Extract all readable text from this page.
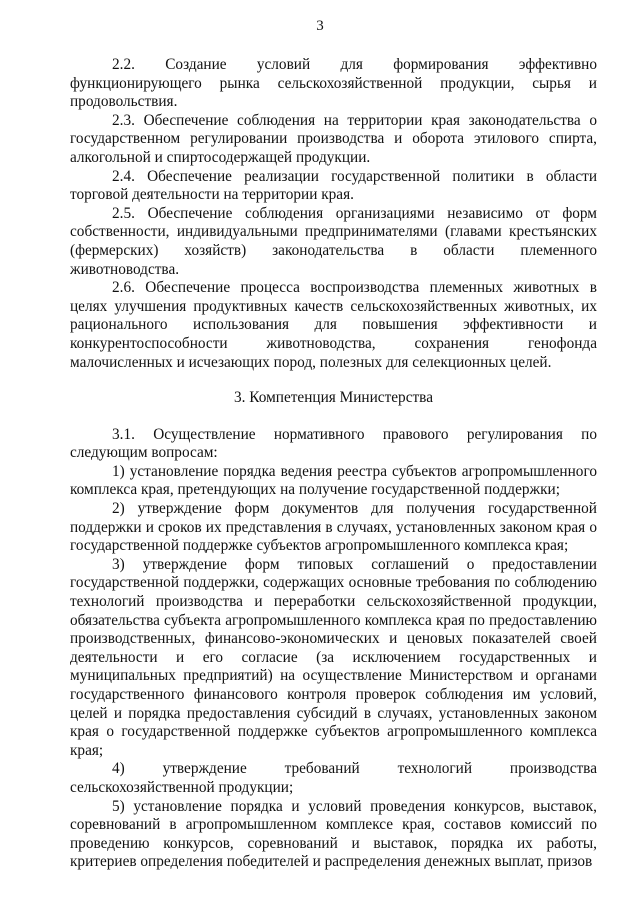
3

2.2. Создание условий для формирования эффективно функционирующего рынка сельскохозяйственной продукции, сырья и продовольствия.

2.3. Обеспечение соблюдения на территории края законодательства о государственном регулировании производства и оборота этилового спирта, алкогольной и спиртосодержащей продукции.

2.4. Обеспечение реализации государственной политики в области торговой деятельности на территории края.

2.5. Обеспечение соблюдения организациями независимо от форм собственности, индивидуальными предпринимателями (главами крестьянских (фермерских) хозяйств) законодательства в области племенного животноводства.

2.6. Обеспечение процесса воспроизводства племенных животных в целях улучшения продуктивных качеств сельскохозяйственных животных, их рационального использования для повышения эффективности и конкурентоспособности животноводства, сохранения генофонда малочисленных и исчезающих пород, полезных для селекционных целей.

3. Компетенция Министерства

3.1. Осуществление нормативного правового регулирования по следующим вопросам:

1) установление порядка ведения реестра субъектов агропромышленного комплекса края, претендующих на получение государственной поддержки;

2) утверждение форм документов для получения государственной поддержки и сроков их представления в случаях, установленных законом края о государственной поддержке субъектов агропромышленного комплекса края;

3) утверждение форм типовых соглашений о предоставлении государственной поддержки, содержащих основные требования по соблюдению технологий производства и переработки сельскохозяйственной продукции, обязательства субъекта агропромышленного комплекса края по предоставлению производственных, финансово-экономических и ценовых показателей своей деятельности и его согласие (за исключением государственных и муниципальных предприятий) на осуществление Министерством и органами государственного финансового контроля проверок соблюдения им условий, целей и порядка предоставления субсидий в случаях, установленных законом края о государственной поддержке субъектов агропромышленного комплекса края;

4) утверждение требований технологий производства сельскохозяйственной продукции;

5) установление порядка и условий проведения конкурсов, выставок, соревнований в агропромышленном комплексе края, составов комиссий по проведению конкурсов, соревнований и выставок, порядка их работы, критериев определения победителей и распределения денежных выплат, призов
